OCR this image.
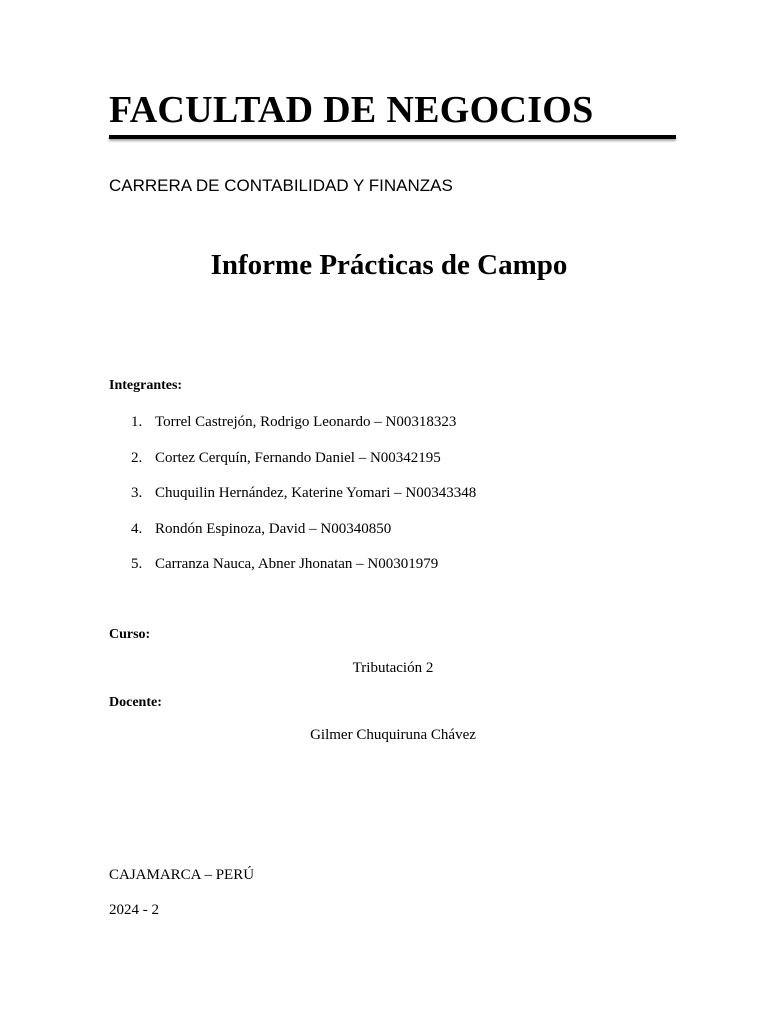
FACULTAD DE NEGOCIOS
CARRERA DE CONTABILIDAD Y FINANZAS
Informe Prácticas de Campo
Integrantes:
1. Torrel Castrejón, Rodrigo Leonardo – N00318323
2. Cortez Cerquín, Fernando Daniel – N00342195
3. Chuquilin Hernández, Katerine Yomari – N00343348
4. Rondón Espinoza, David – N00340850
5. Carranza Nauca, Abner Jhonatan – N00301979
Curso:
Tributación 2
Docente:
Gilmer Chuquiruna Chávez
CAJAMARCA – PERÚ
2024 - 2
